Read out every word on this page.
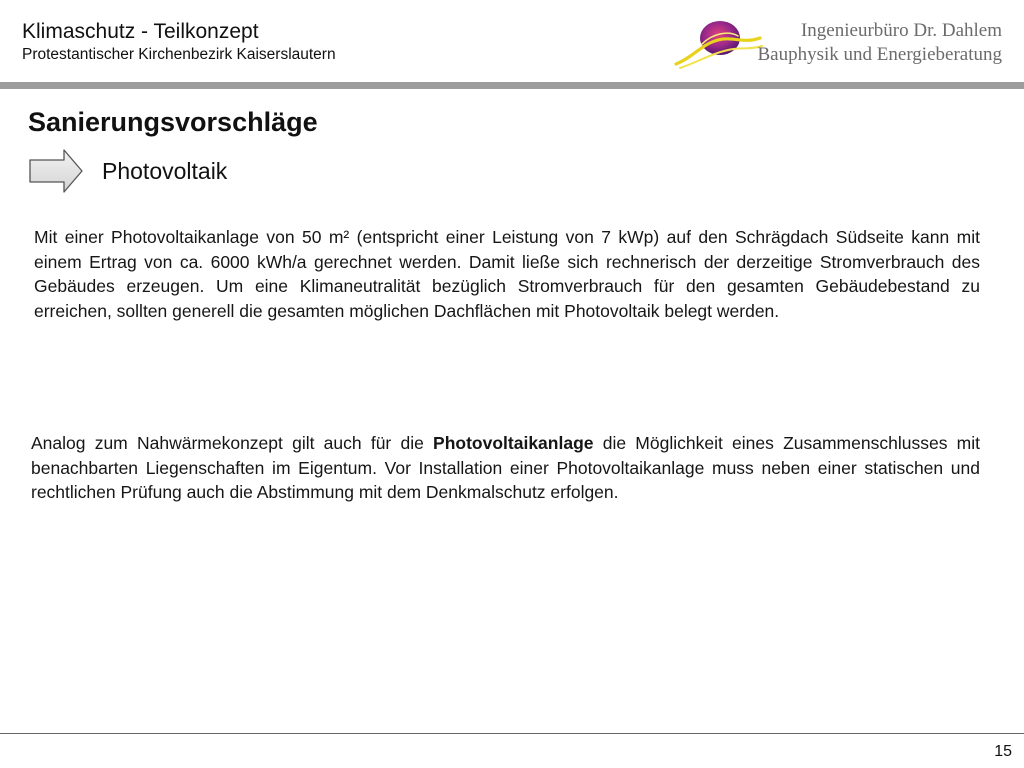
Klimaschutz - Teilkonzept
Protestantischer Kirchenbezirk Kaiserslautern
Ingenieurbüro Dr. Dahlem
Bauphysik und Energieberatung
Sanierungsvorschläge
Photovoltaik

Mit einer Photovoltaikanlage von 50 m² (entspricht einer Leistung von 7 kWp) auf den Schrägdach Südseite kann mit einem Ertrag von ca. 6000 kWh/a gerechnet werden. Damit ließe sich rechnerisch der derzeitige Stromverbrauch des Gebäudes erzeugen. Um eine Klimaneutralität bezüglich Stromverbrauch für den gesamten Gebäudebestand zu erreichen, sollten generell die gesamten möglichen Dachflächen mit Photovoltaik belegt werden.

Analog zum Nahwärmekonzept gilt auch für die Photovoltaikanlage die Möglichkeit eines Zusammenschlusses mit benachbarten Liegenschaften im Eigentum. Vor Installation einer Photovoltaikanlage muss neben einer statischen und rechtlichen Prüfung auch die Abstimmung mit dem Denkmalschutz erfolgen.

15
